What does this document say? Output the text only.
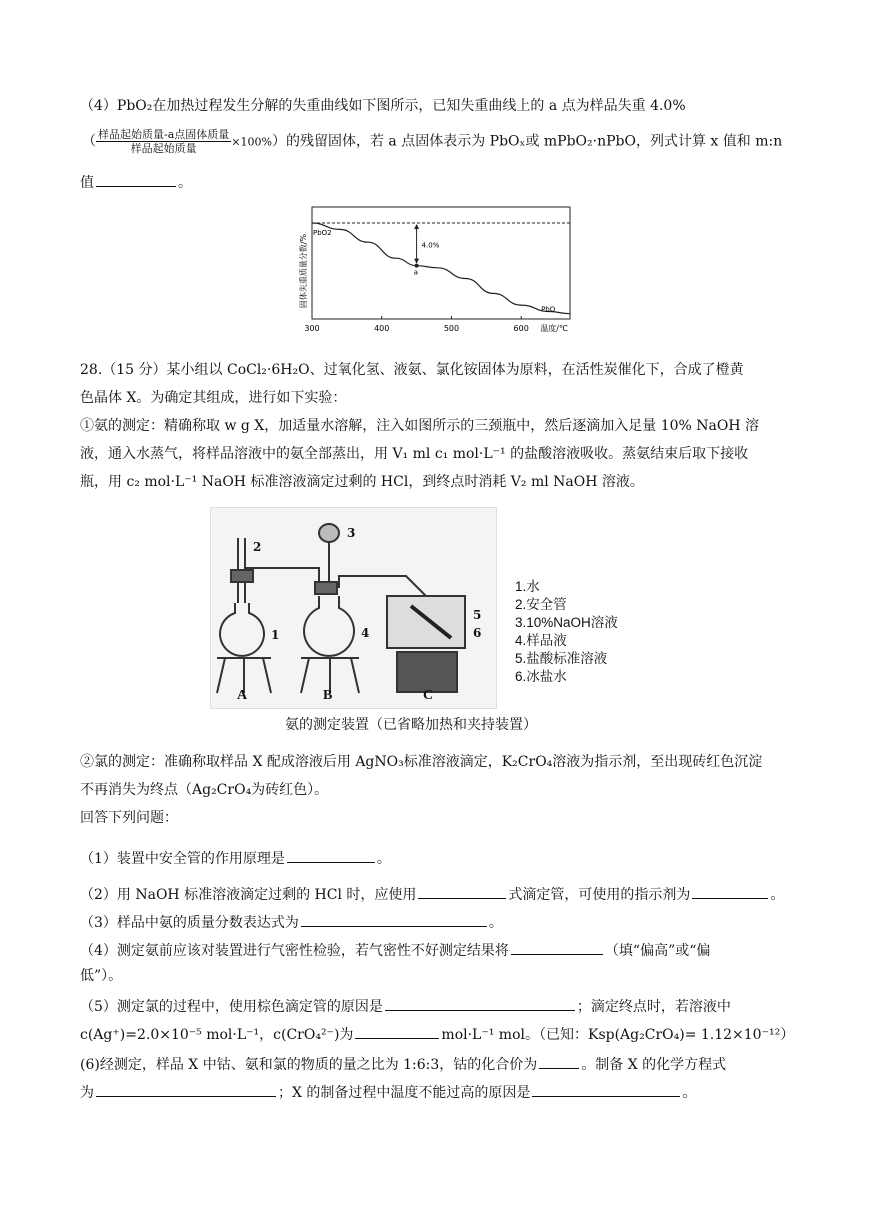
（4）PbO₂在加热过程发生分解的失重曲线如下图所示，已知失重曲线上的 a 点为样品失重 4.0%
（ $\frac{\text{样品起始质量-a点固体质量}}{\text{样品起始质量}} \times 100\%$）的残留固体，若 a 点固体表示为 PbOₓ或 mPbO₂·nPbO，列式计算 x 值和 m:n
值	。
300	400	500	600
a
4.0%
PbO2
PbO
温度/℃
固体失重质量分数/%
28.（15 分）某小组以 CoCl₂·6H₂O、过氧化氢、液氨、氯化铵固体为原料，在活性炭催化下，合成了橙黄
色晶体 X。为确定其组成，进行如下实验：
①氨的测定：精确称取 w g X，加适量水溶解，注入如图所示的三颈瓶中，然后逐滴加入足量 10% NaOH 溶
液，通入水蒸气，将样品溶液中的氨全部蒸出，用 V₁ ml c₁ mol·L⁻¹ 的盐酸溶液吸收。蒸氨结束后取下接收
瓶，用 c₂ mol·L⁻¹ NaOH 标准溶液滴定过剩的 HCl，到终点时消耗 V₂ ml NaOH 溶液。
A	B	C
1
2
3
4
5
6
1.水
2.安全管
3.10%NaOH溶液
4.样品液
5.盐酸标准溶液
6.冰盐水
氨的测定装置（已省略加热和夹持装置）
②氯的测定：准确称取样品 X 配成溶液后用 AgNO₃标准溶液滴定，K₂CrO₄溶液为指示剂，至出现砖红色沉淀
不再消失为终点（Ag₂CrO₄为砖红色）。
回答下列问题：
（1）装置中安全管的作用原理是	。
（2）用 NaOH 标准溶液滴定过剩的 HCl 时，应使用	式滴定管，可使用的指示剂为	。
（3）样品中氨的质量分数表达式为	。
（4）测定氨前应该对装置进行气密性检验，若气密性不好测定结果将	（填“偏高”或“偏
低”）。
（5）测定氯的过程中，使用棕色滴定管的原因是	；滴定终点时，若溶液中
c(Ag⁺)=2.0×10⁻⁵ mol·L⁻¹，c(CrO₄²⁻)为	mol·L⁻¹ mol。（已知：Ksp(Ag₂CrO₄)= 1.12×10⁻¹²）
(6)经测定，样品 X 中钴、氨和氯的物质的量之比为 1:6:3，钴的化合价为	。制备 X 的化学方程式
为	；X 的制备过程中温度不能过高的原因是	。
